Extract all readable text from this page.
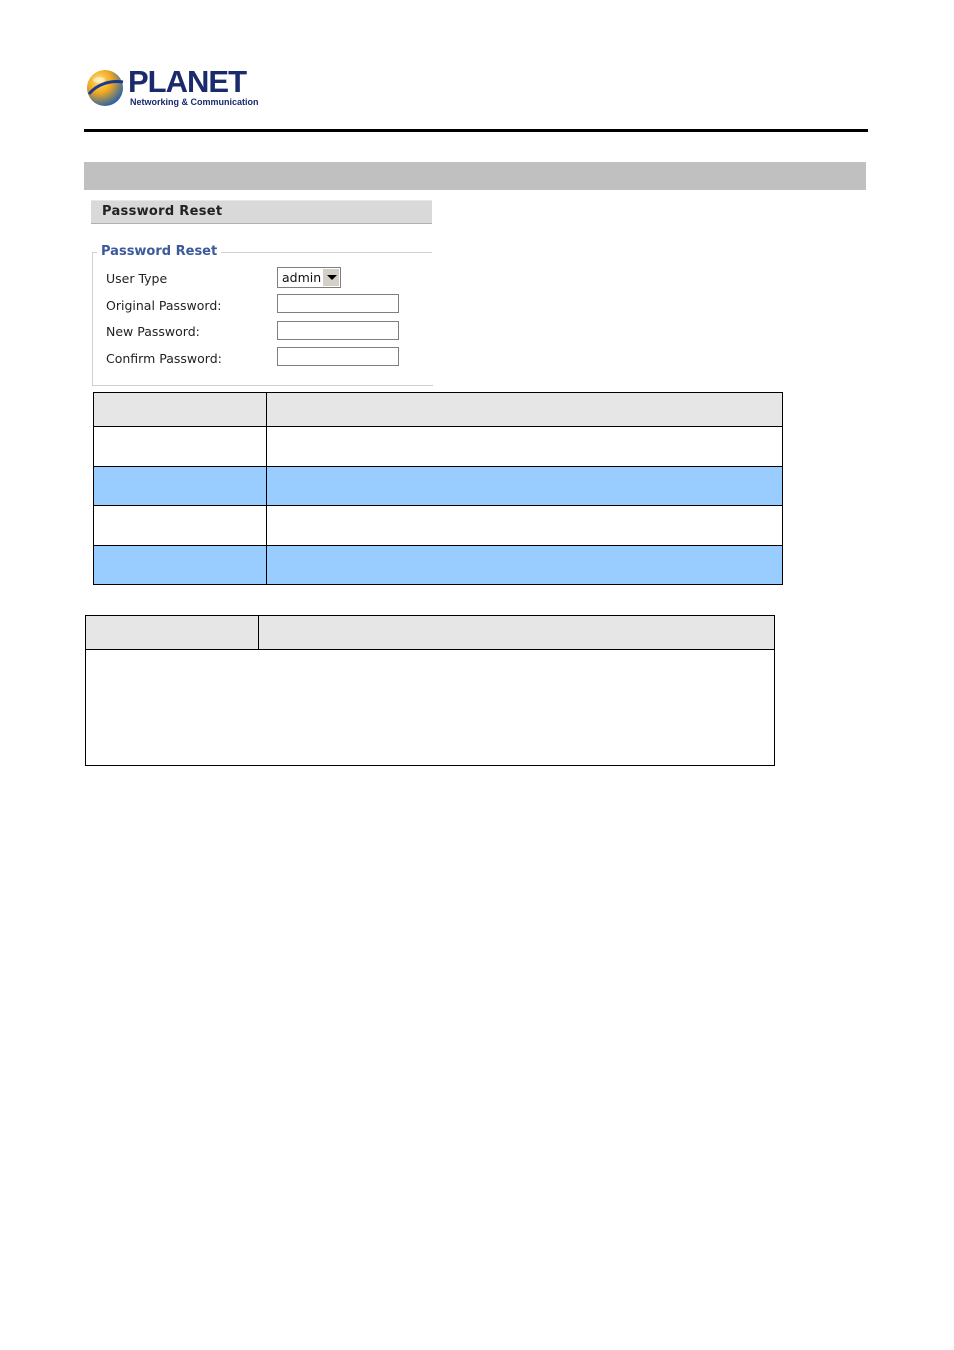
PLANET
Networking & Communication
Password Reset
Password Reset
User Type	admin
Original Password:
New Password:
Confirm Password:
